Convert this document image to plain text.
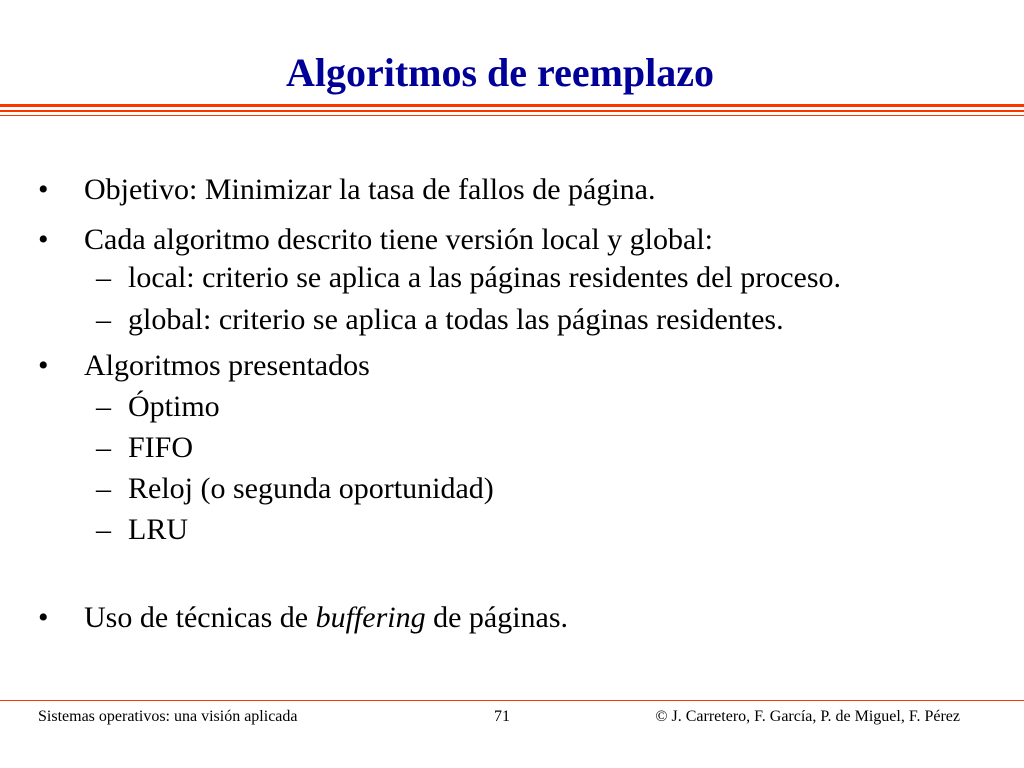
Algoritmos de reemplazo
• Objetivo: Minimizar la tasa de fallos de página.
• Cada algoritmo descrito tiene versión local y global:
– local: criterio se aplica a las páginas residentes del proceso.
– global: criterio se aplica a todas las páginas residentes.
• Algoritmos presentados
– Óptimo
– FIFO
– Reloj (o segunda oportunidad)
– LRU
• Uso de técnicas de buffering de páginas.
Sistemas operativos: una visión aplicada	71	© J. Carretero, F. García, P. de Miguel, F. Pérez
